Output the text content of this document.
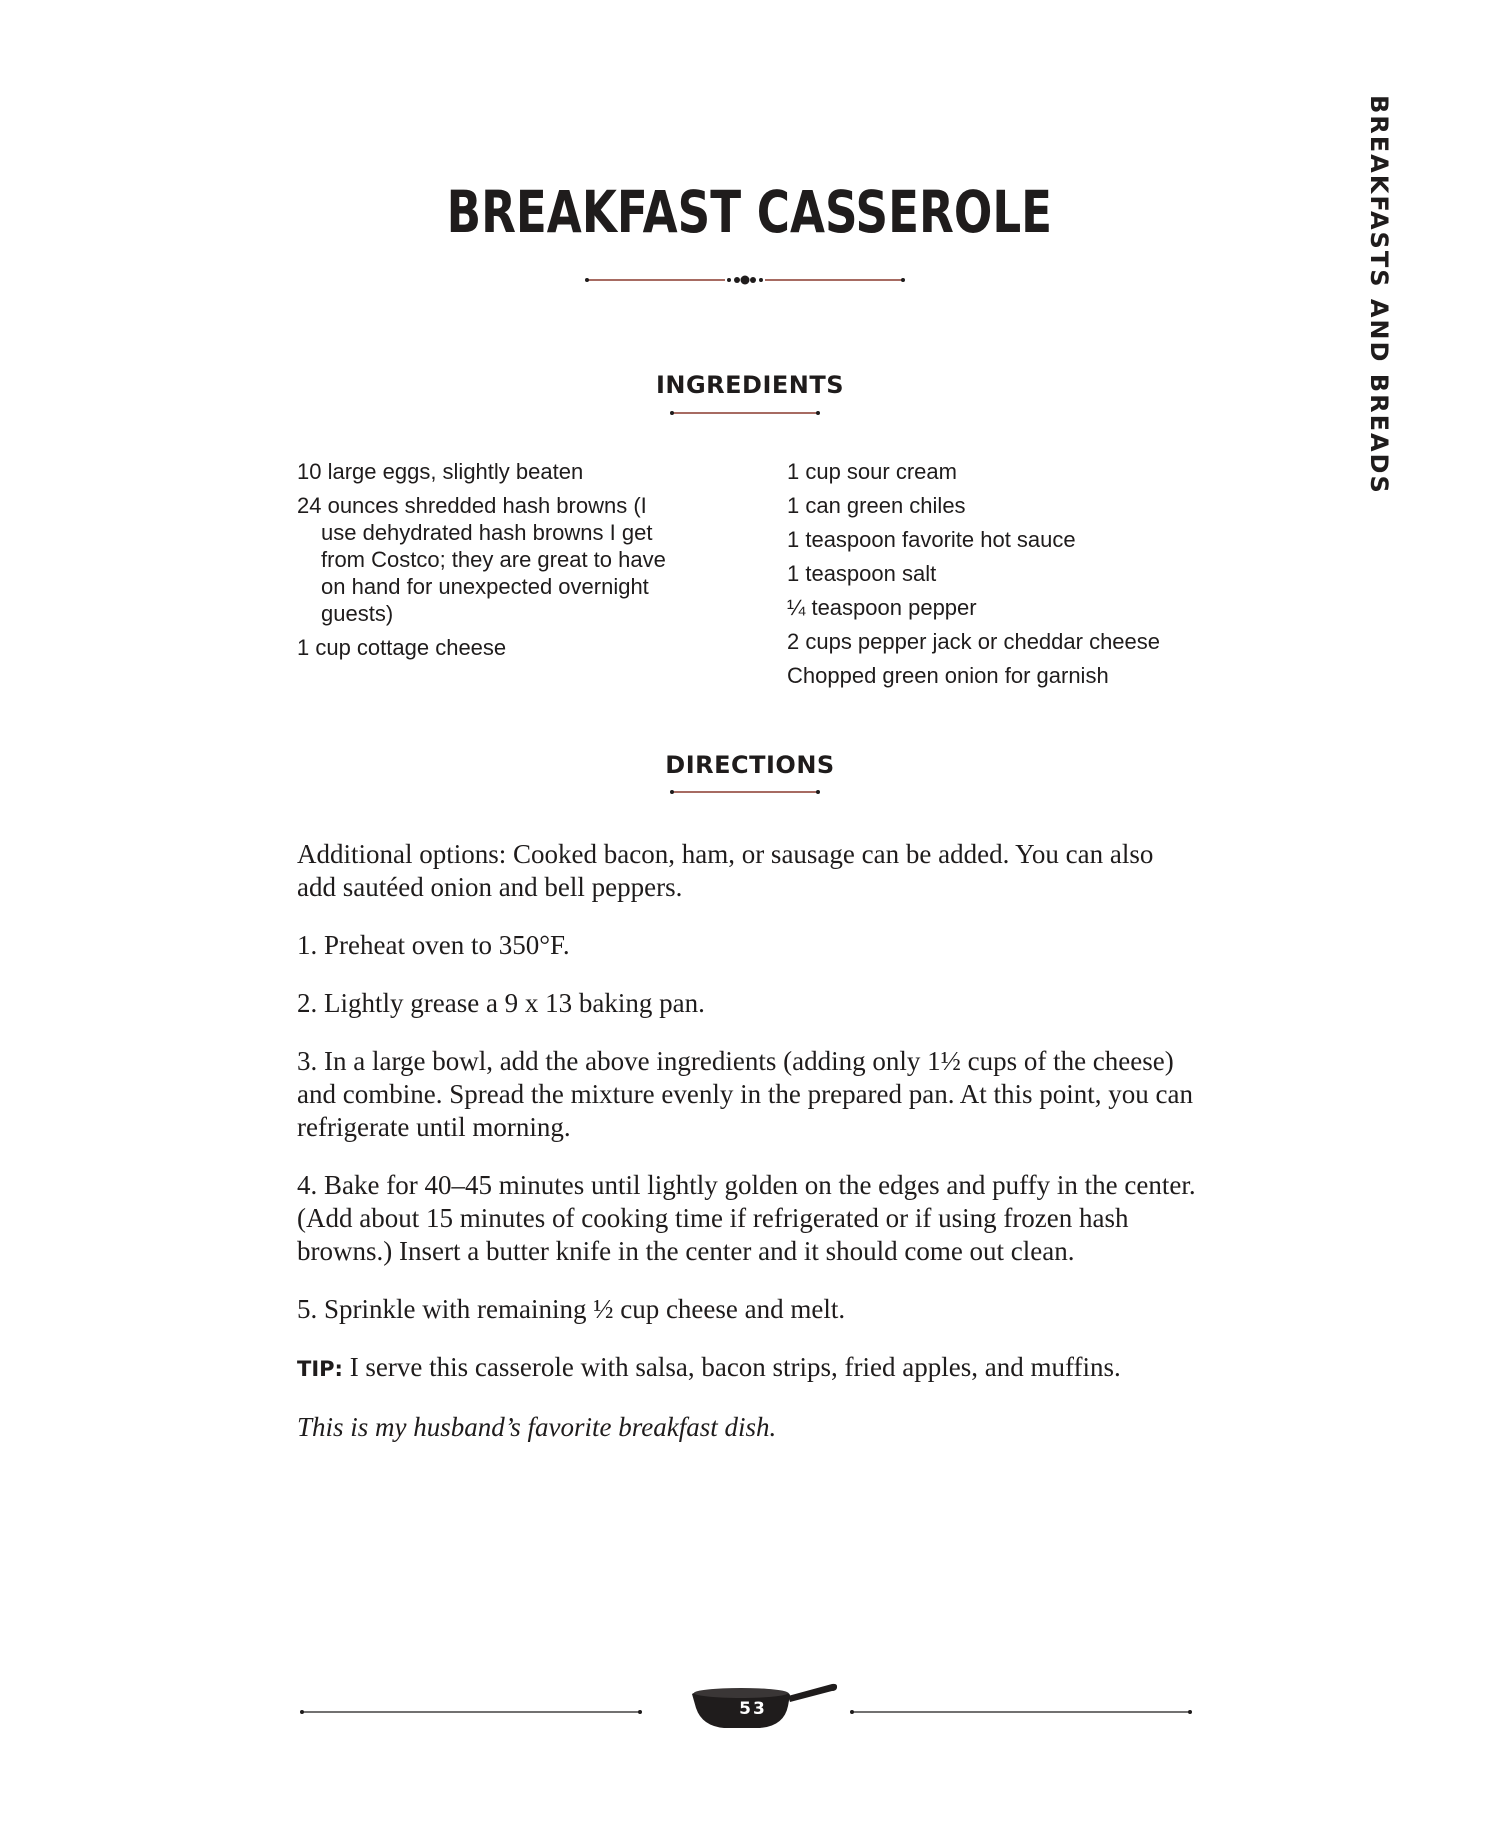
BREAKFASTS AND BREADS
BREAKFAST CASSEROLE
INGREDIENTS
10 large eggs, slightly beaten
24 ounces shredded hash browns (I use dehydrated hash browns I get from Costco; they are great to have on hand for unexpected overnight guests)
1 cup cottage cheese
1 cup sour cream
1 can green chiles
1 teaspoon favorite hot sauce
1 teaspoon salt
¼ teaspoon pepper
2 cups pepper jack or cheddar cheese
Chopped green onion for garnish
DIRECTIONS

Additional options: Cooked bacon, ham, or sausage can be added. You can also add sautéed onion and bell peppers.

1. Preheat oven to 350°F.

2. Lightly grease a 9 x 13 baking pan.

3. In a large bowl, add the above ingredients (adding only 1½ cups of the cheese) and combine. Spread the mixture evenly in the prepared pan. At this point, you can refrigerate until morning.

4. Bake for 40–45 minutes until lightly golden on the edges and puffy in the center. (Add about 15 minutes of cooking time if refrigerated or if using frozen hash browns.) Insert a butter knife in the center and it should come out clean.

5. Sprinkle with remaining ½ cup cheese and melt.

TIP: I serve this casserole with salsa, bacon strips, fried apples, and muffins.

This is my husband’s favorite breakfast dish.

53
